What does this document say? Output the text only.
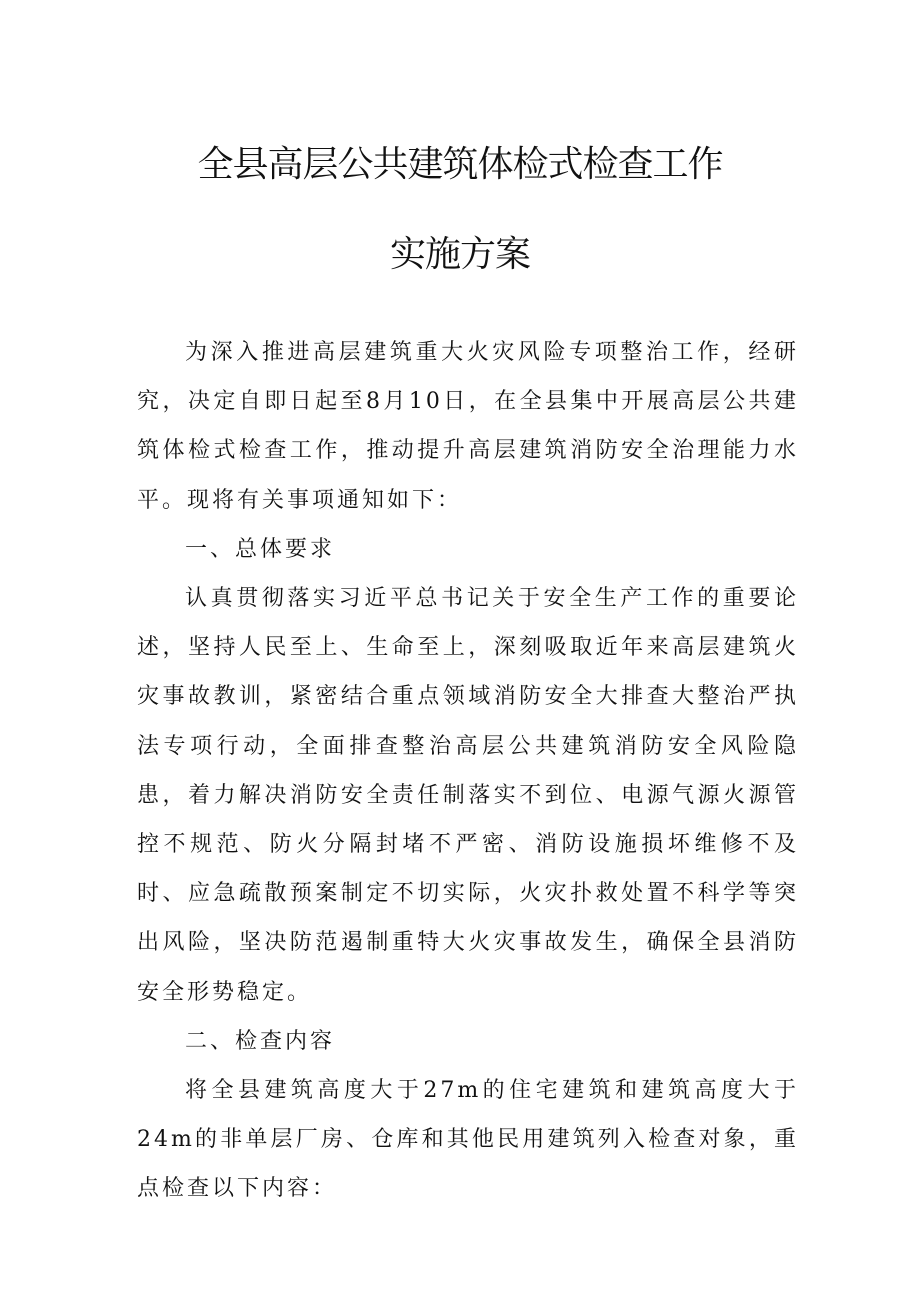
全县高层公共建筑体检式检查工作
实施方案

为深入推进高层建筑重大火灾风险专项整治工作，经研究，决定自即日起至8月10日，在全县集中开展高层公共建筑体检式检查工作，推动提升高层建筑消防安全治理能力水平。现将有关事项通知如下：

一、总体要求

认真贯彻落实习近平总书记关于安全生产工作的重要论述，坚持人民至上、生命至上，深刻吸取近年来高层建筑火灾事故教训，紧密结合重点领域消防安全大排查大整治严执法专项行动，全面排查整治高层公共建筑消防安全风险隐患，着力解决消防安全责任制落实不到位、电源气源火源管控不规范、防火分隔封堵不严密、消防设施损坏维修不及时、应急疏散预案制定不切实际，火灾扑救处置不科学等突出风险，坚决防范遏制重特大火灾事故发生，确保全县消防安全形势稳定。

二、检查内容

将全县建筑高度大于27m的住宅建筑和建筑高度大于24m的非单层厂房、仓库和其他民用建筑列入检查对象，重点检查以下内容：
